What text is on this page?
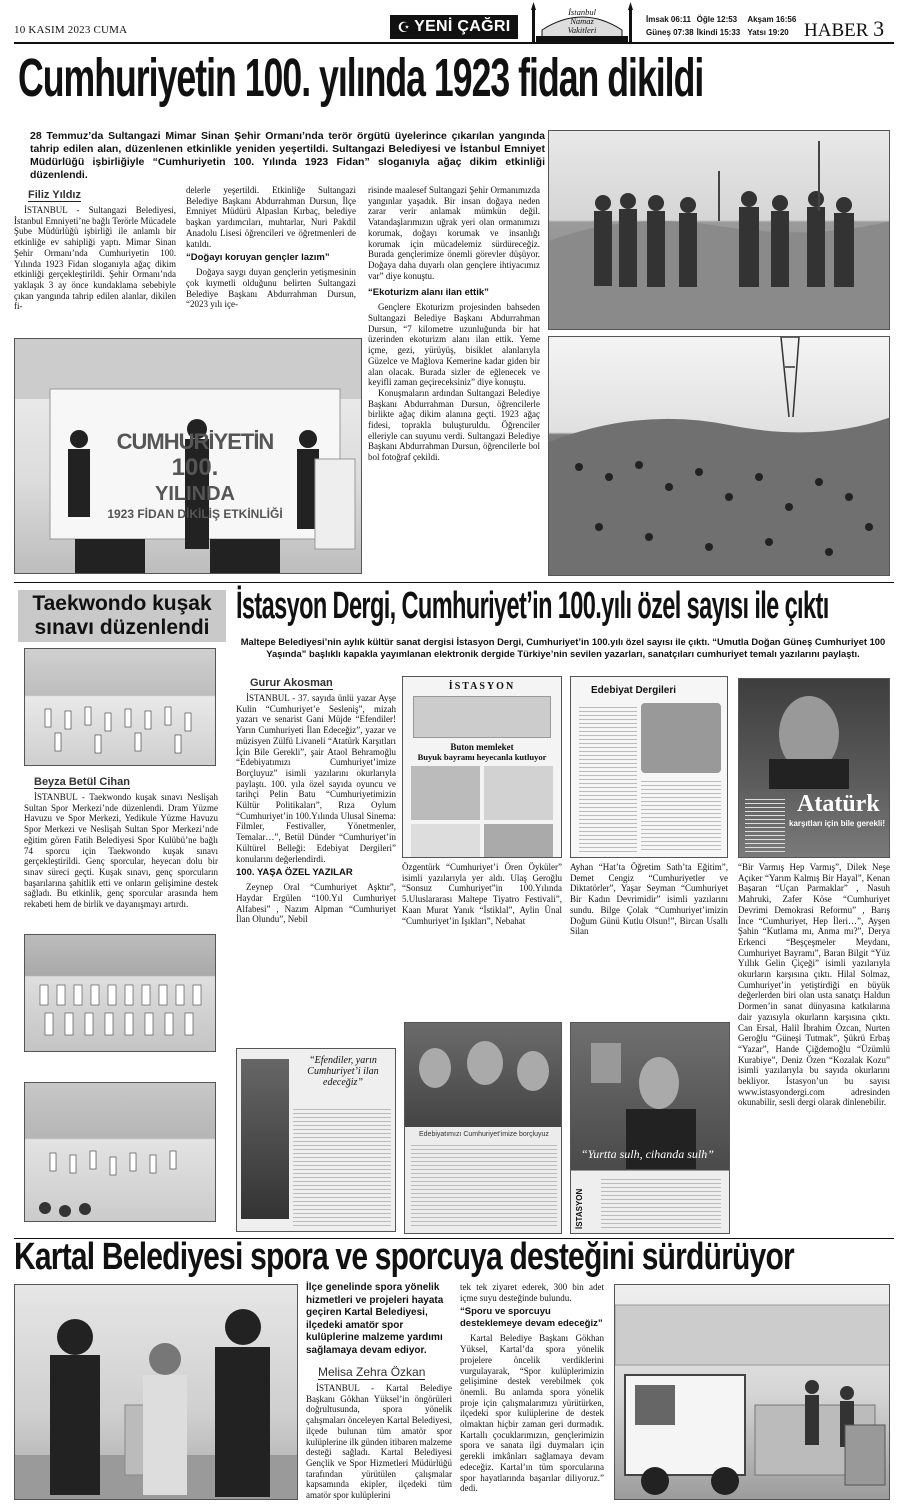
10 KASIM 2023 CUMA	☪ YENİ ÇAĞRI
İstanbul
Namaz
Vakitleri
İmsak 06:11 Öğle 12:53	Akşam 16:56
Güneş 07:38 İkindi 15:33 Yatsı 19:20 HABER 3
Cumhuriyetin 100. yılında 1923 fidan dikildi
28 Temmuz’da Sultangazi Mimar Sinan Şehir Ormanı’nda terör örgütü üyelerince çıkarılan yangında tahrip edilen alan, düzenlenen etkinlikle yeniden yeşertildi. Sultangazi Belediyesi ve İstanbul Emniyet Müdürlüğü işbirliğiyle “Cumhuriyetin 100. Yılında 1923 Fidan” sloganıyla ağaç dikim etkinliği düzenlendi.
Filiz Yıldız

İSTANBUL - Sultangazi Belediyesi, İstanbul Emniyeti’ne bağlı Terörle Mücadele Şube Müdürlüğü işbirliği ile anlamlı bir etkinliğe ev sahipliği yaptı. Mimar Sinan Şehir Ormanı’nda Cumhuriyetin 100. Yılında 1923 Fidan sloganıyla ağaç dikim etkinliği gerçekleştirildi. Şehir Ormanı’nda yaklaşık 3 ay önce kundaklama sebebiyle çıkan yangında tahrip edilen alanlar, dikilen fi-

delerle yeşertildi. Etkinliğe Sultangazi Belediye Başkanı Abdurrahman Dursun, İlçe Emniyet Müdürü Alpaslan Kırbaç, belediye başkan yardımcıları, muhtarlar, Nuri Pakdil Anadolu Lisesi öğrencileri ve öğretmenleri de katıldı.

“Doğayı koruyan gençler lazım”

Doğaya saygı duyan gençlerin yetişmesinin çok kıymetli olduğunu belirten Sultangazi Belediye Başkanı Abdurrahman Dursun, “2023 yılı içe-

risinde maalesef Sultangazi Şehir Ormanımızda yangınlar yaşadık. Bir insan doğaya neden zarar verir anlamak mümkün değil. Vatandaşlarımızın uğrak yeri olan ormanımızı korumak, doğayı korumak ve insanlığı korumak için mücadelemiz sürdüreceğiz. Burada gençlerimize önemli görevler düşüyor. Doğaya daha duyarlı olan gençlere ihtiyacımız var” diye konuştu.

“Ekoturizm alanı ilan ettik”

Gençlere Ekoturizm projesinden bahseden Sultangazi Belediye Başkanı Abdurrahman Dursun, “7 kilometre uzunluğunda bir hat üzerinden ekoturizm alanı ilan ettik. Yeme içme, gezi, yürüyüş, bisiklet alanlarıyla Güzelce ve Mağlova Kemerine kadar giden bir alan olacak. Burada sizler de eğlenecek ve keyifli zaman geçireceksiniz” diye konuştu.

Konuşmaların ardından Sultangazi Belediye Başkanı Abdurrahman Dursun, öğrencilerle birlikte ağaç dikim alanına geçti. 1923 ağaç fidesi, toprakla buluşturuldu. Öğrenciler elleriyle can suyunu verdi. Sultangazi Belediye Başkanı Abdurrahman Dursun, öğrencilerle bol bol fotoğraf çekildi.

CUMHURİYETİN
100.
YILINDA
1923 FİDAN DİKİLİŞ ETKİNLİĞİ
Taekwondo kuşak
sınavı düzenlendi
Beyza Betül Cihan

İSTANBUL - Taekwondo kuşak sınavı Neslişah Sultan Spor Merkezi’nde düzenlendi. Dram Yüzme Havuzu ve Spor Merkezi, Yedikule Yüzme Havuzu Spor Merkezi ve Neslişah Sultan Spor Merkezi’nde eğitim gören Fatih Belediyesi Spor Kulübü’ne bağlı 74 sporcu için Taekwondo kuşak sınavı gerçekleştirildi. Genç sporcular, heyecan dolu bir sınav süreci geçti. Kuşak sınavı, genç sporcuların başarılarına şahitlik etti ve onların gelişimine destek sağladı. Bu etkinlik, genç sporcular arasında hem rekabeti hem de birlik ve dayanışmayı artırdı.

İstasyon Dergi, Cumhuriyet’in 100.yılı özel sayısı ile çıktı
Maltepe Belediyesi’nin aylık kültür sanat dergisi İstasyon Dergi, Cumhuriyet’in 100.yılı özel sayısı ile çıktı. “Umutla Doğan Güneş Cumhuriyet 100 Yaşında” başlıklı kapakla yayımlanan elektronik dergide Türkiye’nin sevilen yazarları, sanatçıları cumhuriyet temalı yazılarını paylaştı.
Gurur Akosman

İSTANBUL - 37. sayıda ünlü yazar Ayşe Kulin “Cumhuriyet’e Sesleniş”, mizah yazarı ve senarist Gani Müjde “Efendiler! Yarın Cumhuriyeti İlan Edeceğiz”, yazar ve müzisyen Zülfü Livaneli “Atatürk Karşıtları İçin Bile Gerekli”, şair Ataol Behramoğlu “Edebiyatımızı Cumhuriyet’imize Borçluyuz” isimli yazılarını okurlarıyla paylaştı. 100. yıla özel sayıda oyuncu ve tarihçi Pelin Batu “Cumhuriyetimizin Kültür Politikaları”, Rıza Oylum “Cumhuriyet’in 100.Yılında Ulusal Sinema: Filmler, Festivaller, Yönetmenler, Temalar…”, Betül Dünder “Cumhuriyet’in Kültürel Belleği: Edebiyat Dergileri” konularını değerlendirdi.

100. YAŞA ÖZEL YAZILAR

Zeynep Oral “Cumhuriyet Aşktır”, Haydar Ergülen “100.Yıl Cumhuriyet Alfabesi” , Nazım Alpman “Cumhuriyet İlan Olundu”, Nebil

İSTASYON
Buton memleket
Buyuk bayramı heyecanla kutluyor

Özgentürk “Cumhuriyet’i Ören Öyküler” isimli yazılarıyla yer aldı. Ulaş Geroğlu “Sonsuz Cumhuriyet”in 100.Yılında 5.Uluslararası Maltepe Tiyatro Festivali”, Kaan Murat Yanık “İstiklal”, Aylin Ünal “Cumhuriyet’in Işıkları”, Nebahat

Edebiyat Dergileri

Ayhan “Hat’ta Öğretim Sath’ta Eğitim”, Demet Cengiz “Cumhuriyetler ve Diktatörler”, Yaşar Seyman “Cumhuriyet Bir Kadın Devrimidir” isimli yazılarını sundu. Bilge Çolak “Cumhuriyet’imizin Doğum Günü Kutlu Olsun!”, Bircan Usallı Silan

Atatürk
karşıtları için bile gerekli!

“Bir Varmış Hep Varmış”, Dilek Neşe Açıker “Yarım Kalmış Bir Hayal”, Kenan Başaran “Uçan Parmaklar” , Nasuh Mahruki, Zafer Köse “Cumhuriyet Devrimi Demokrasi Reformu” , Barış İnce “Cumhuriyet, Hep İleri…”, Ayşen Şahin “Kutlama mı, Anma mı?”, Derya Erkenci “Beşçeşmeler Meydanı, Cumhuriyet Bayramı”, Baran Bilgit “Yüz Yıllık Gelin Çiçeği” isimli yazılarıyla okurların karşısına çıktı. Hilal Solmaz, Cumhuriyet’in yetiştirdiği en büyük değerlerden biri olan usta sanatçı Haldun Dormen’in sanat dünyasına katkılarına dair yazısıyla okurların karşısına çıktı. Can Ersal, Halil İbrahim Özcan, Nurten Geroğlu “Güneşi Tutmak”, Şükrü Erbaş “Yazar”, Hande Çiğdemoğlu “Üzümlü Kurabiye”, Deniz Özen “Kozalak Kozu” isimli yazılarıyla bu sayıda okurlarını bekliyor. İstasyon’un bu sayısı www.istasyondergi.com adresinden okunabilir, sesli dergi olarak dinlenebilir.

“Efendiler, yarın Cumhuriyet’i ilan edeceğiz”
Edebiyatımızı Cumhuriyet’imize borçluyuz
“Yurtta sulh, cihanda sulh”
İSTASYON
Kartal Belediyesi spora ve sporcuya desteğini sürdürüyor
İlçe genelinde spora yönelik hizmetleri ve projeleri hayata geçiren Kartal Belediyesi, ilçedeki amatör spor kulüplerine malzeme yardımı sağlamaya devam ediyor.
Melisa Zehra Özkan

İSTANBUL - Kartal Belediye Başkanı Gökhan Yüksel’in öngörüleri doğrultusunda, spora yönelik çalışmaları önceleyen Kartal Belediyesi, ilçede bulunan tüm amatör spor kulüplerine ilk günden itibaren malzeme desteği sağladı. Kartal Belediyesi Gençlik ve Spor Hizmetleri Müdürlüğü tarafından yürütülen çalışmalar kapsamında ekipler, ilçedeki tüm amatör spor kulüplerini

tek tek ziyaret ederek, 300 bin adet içme suyu desteğinde bulundu.

“Sporu ve sporcuyu desteklemeye devam edeceğiz”

Kartal Belediye Başkanı Gökhan Yüksel, Kartal’da spora yönelik projelere öncelik verdiklerini vurgulayarak, “Spor kulüplerimizin gelişimine destek verebilmek çok önemli. Bu anlamda spora yönelik proje için çalışmalarımızı yürütürken, ilçedeki spor kulüplerine de destek olmaktan hiçbir zaman geri durmadık. Kartallı çocuklarımızın, gençlerimizin spora ve sanata ilgi duymaları için gerekli imkânları sağlamaya devam edeceğiz. Kartal’ın tüm sporcularına spor hayatlarında başarılar diliyoruz.” dedi.
